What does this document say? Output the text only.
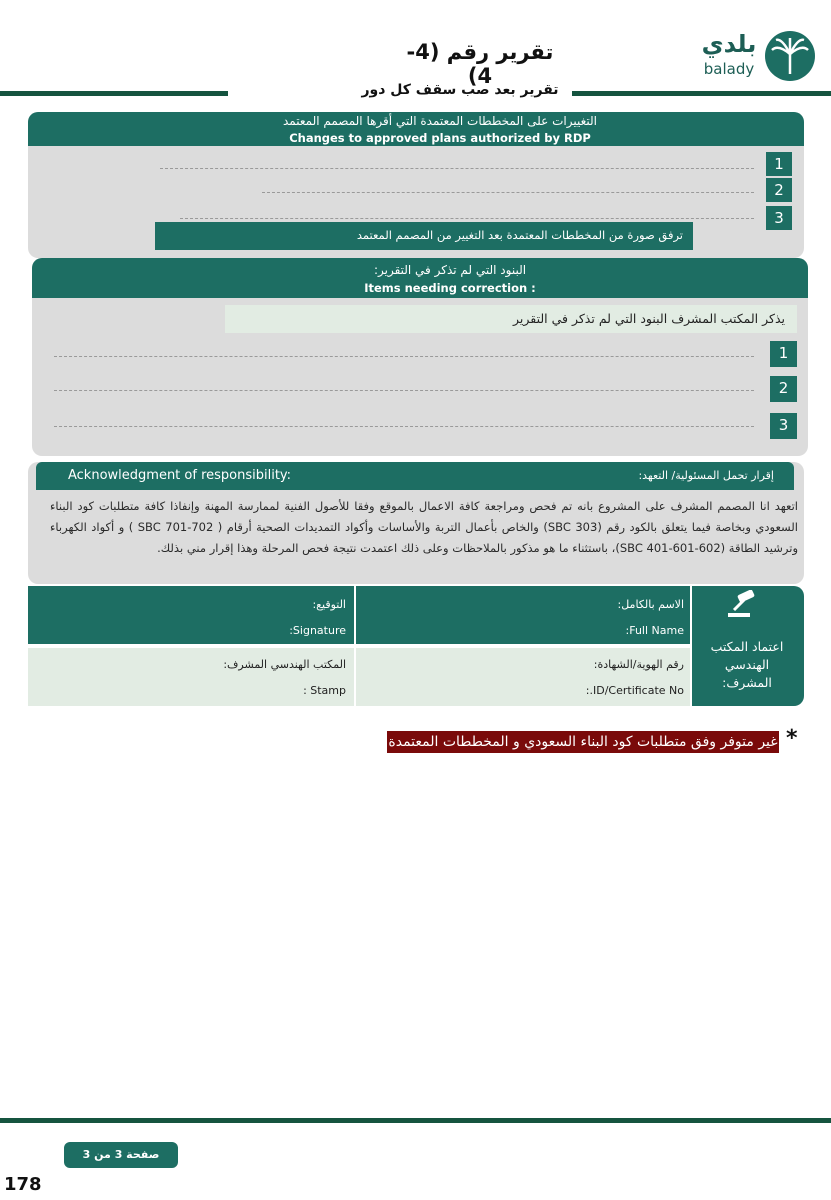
بلدي
balady
تقرير رقم (4-4)
تقرير بعد صب سقف كل دور
التغييرات على المخططات المعتمدة التي أقرها المصمم المعتمد
Changes to approved plans authorized by RDP
1
2
3
ترفق صورة من المخططات المعتمدة بعد التغيير من المصمم المعتمد
البنود التي لم تذكر في التقرير:
Items needing correction :
يذكر المكتب المشرف البنود التي لم تذكر في التقرير
1
2
3
Acknowledgment of responsibility:	إقرار تحمل المسئولية/ التعهد:
اتعهد انا المصمم المشرف على المشروع بانه تم فحص ومراجعة كافة الاعمال بالموقع وفقا للأصول الفنية لممارسة المهنة وإنفاذا كافة متطلبات كود البناء السعودي وبخاصة فيما يتعلق بالكود رقم (SBC 303) والخاص بأعمال التربة والأساسات وأكواد التمديدات الصحية أرقام ( SBC 701-702 ) و أكواد الكهرباء وترشيد الطاقة (SBC 401-601-602)، باستثناء ما هو مذكور بالملاحظات وعلى ذلك اعتمدت نتيجة فحص المرحلة وهذا إقرار مني بذلك.
اعتماد المكتب الهندسي المشرف:
الاسم بالكامل:
Full Name:
التوقيع:
Signature:
رقم الهوية/الشهادة:
ID/Certificate No.:
المكتب الهندسي المشرف:
Stamp :
*
غير متوفر وفق متطلبات كود البناء السعودي و المخططات المعتمدة
صفحة 3 من 3
178
